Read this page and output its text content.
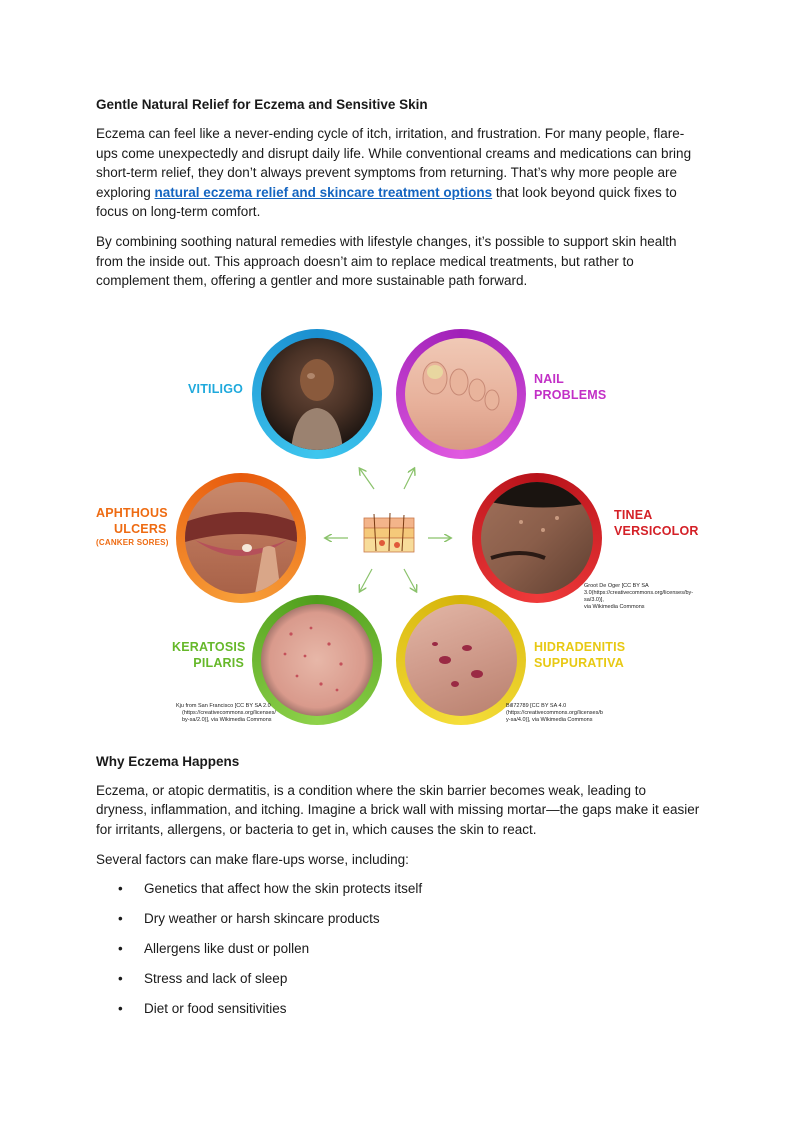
Gentle Natural Relief for Eczema and Sensitive Skin

Eczema can feel like a never-ending cycle of itch, irritation, and frustration. For many people, flare-ups come unexpectedly and disrupt daily life. While conventional creams and medications can bring short-term relief, they don’t always prevent symptoms from returning. That’s why more people are exploring natural eczema relief and skincare treatment options that look beyond quick fixes to focus on long-term comfort.

By combining soothing natural remedies with lifestyle changes, it’s possible to support skin health from the inside out. This approach doesn’t aim to replace medical treatments, but rather to complement them, offering a gentler and more sustainable path forward.

VITILIGO
NAIL
PROBLEMS
APHTHOUS
ULCERS
(CANKER SORES)
TINEA
VERSICOLOR
Groot De Oger [CC BY SA
3.0(https://creativecommons.org/licenses/by-sa/3.0)],
via Wikimedia Commons
KERATOSIS
PILARIS
Kju from San Francisco [CC BY SA 2.0
(https://creativecommons.org/licenses/
by-sa/2.0)], via Wikimedia Commons
HIDRADENITIS
SUPPURATIVA
Bill72789 [CC BY SA 4.0
(https://creativecommons.org/licenses/b
y-sa/4.0)], via Wikimedia Commons
Why Eczema Happens

Eczema, or atopic dermatitis, is a condition where the skin barrier becomes weak, leading to dryness, inflammation, and itching. Imagine a brick wall with missing mortar—the gaps make it easier for irritants, allergens, or bacteria to get in, which causes the skin to react.

Several factors can make flare-ups worse, including:

• Genetics that affect how the skin protects itself
• Dry weather or harsh skincare products
• Allergens like dust or pollen
• Stress and lack of sleep
• Diet or food sensitivities
